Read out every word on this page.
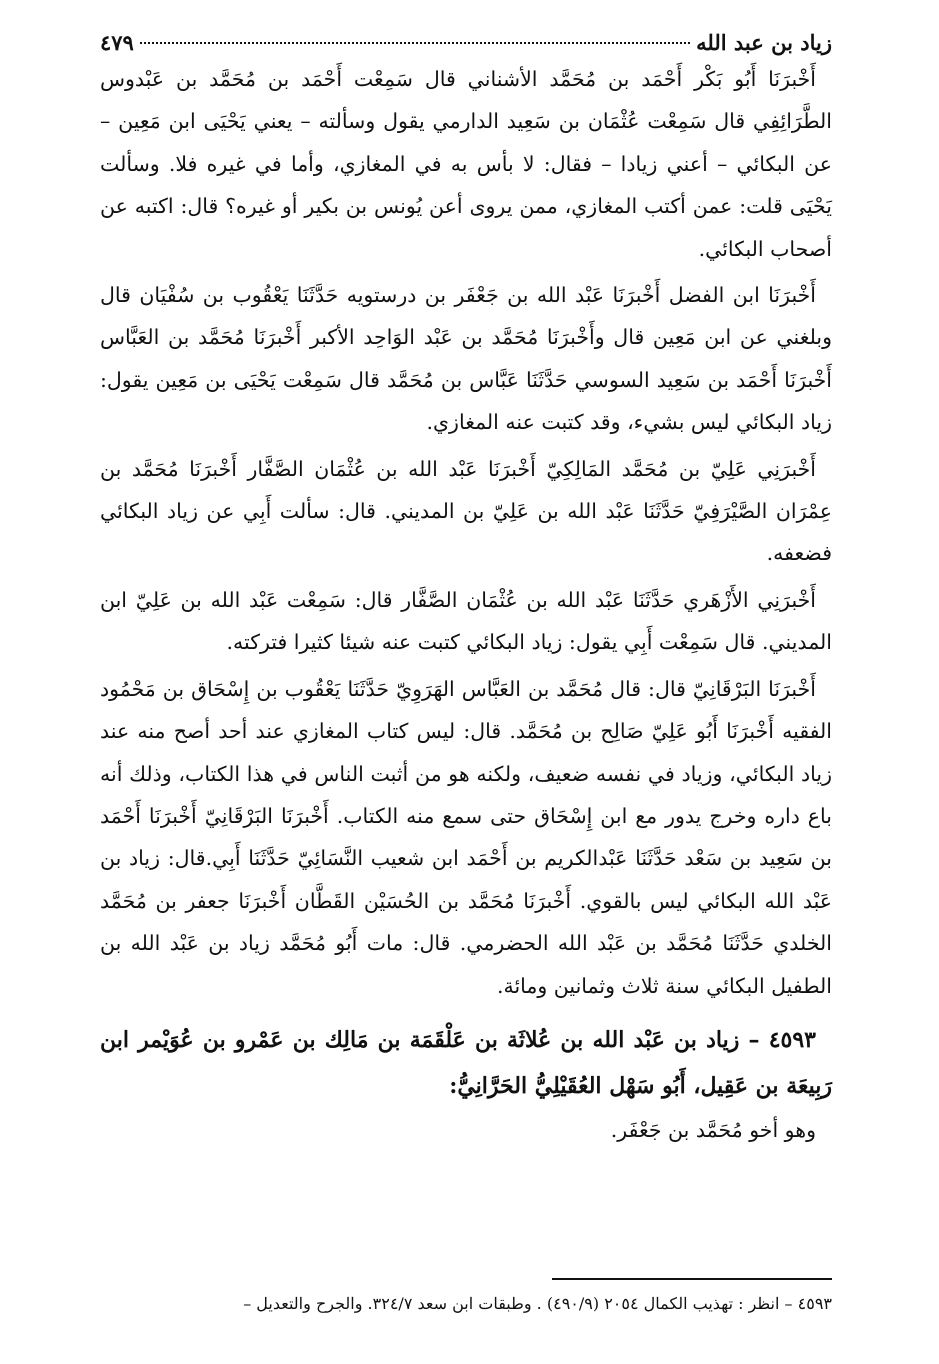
زياد بن عبد الله
٤٧٩

أَخْبرَنَا أَبُو بَكْر أَحْمَد بن مُحَمَّد الأشناني قال سَمِعْت أَحْمَد بن مُحَمَّد بن عَبْدوس الطَّرَائِفِي قال سَمِعْت عُثْمَان بن سَعِيد الدارمي يقول وسألته – يعني يَحْيَى ابن مَعِين – عن البكائي – أعني زيادا – فقال: لا بأس به في المغازي، وأما في غيره فلا. وسألت يَحْيَى قلت: عمن أكتب المغازي، ممن يروى أعن يُونس بن بكير أو غيره؟ قال: اكتبه عن أصحاب البكائي.

أَخْبرَنَا ابن الفضل أَخْبرَنَا عَبْد الله بن جَعْفَر بن درستويه حَدَّثَنَا يَعْقُوب بن سُفْيَان قال وبلغني عن ابن مَعِين قال وأَخْبرَنَا مُحَمَّد بن عَبْد الوَاحِد الأكبر أَخْبرَنَا مُحَمَّد بن العَبَّاس أَخْبرَنَا أَحْمَد بن سَعِيد السوسي حَدَّثَنَا عَبَّاس بن مُحَمَّد قال سَمِعْت يَحْيَى بن مَعِين يقول: زياد البكائي ليس بشيء، وقد كتبت عنه المغازي.

أَخْبرَنِي عَلِيّ بن مُحَمَّد المَالِكِيّ أَخْبرَنَا عَبْد الله بن عُثْمَان الصَّفَّار أَخْبرَنَا مُحَمَّد بن عِمْرَان الصَّيْرَفِيّ حَدَّثَنَا عَبْد الله بن عَلِيّ بن المديني. قال: سألت أَبِي عن زياد البكائي فضعفه.

أَخْبرَنِي الأَزْهَري حَدَّثَنَا عَبْد الله بن عُثْمَان الصَّفَّار قال: سَمِعْت عَبْد الله بن عَلِيّ ابن المديني. قال سَمِعْت أَبِي يقول: زياد البكائي كتبت عنه شيئا كثيرا فتركته.

أَخْبرَنَا البَرْقَانِيّ قال: قال مُحَمَّد بن العَبَّاس الهَرَوِيّ حَدَّثَنَا يَعْقُوب بن إِسْحَاق بن مَحْمُود الفقيه أَخْبرَنَا أَبُو عَلِيّ صَالِح بن مُحَمَّد. قال: ليس كتاب المغازي عند أحد أصح منه عند زياد البكائي، وزياد في نفسه ضعيف، ولكنه هو من أثبت الناس في هذا الكتاب، وذلك أنه باع داره وخرج يدور مع ابن إِسْحَاق حتى سمع منه الكتاب. أَخْبرَنَا البَرْقَانِيّ أَخْبرَنَا أَحْمَد بن سَعِيد بن سَعْد حَدَّثَنَا عَبْدالكريم بن أَحْمَد ابن شعيب النَّسَائِيّ حَدَّثَنَا أَبِي.قال: زياد بن عَبْد الله البكائي ليس بالقوي. أَخْبرَنَا مُحَمَّد بن الحُسَيْن القَطَّان أَخْبرَنَا جعفر بن مُحَمَّد الخلدي حَدَّثَنَا مُحَمَّد بن عَبْد الله الحضرمي. قال: مات أَبُو مُحَمَّد زياد بن عَبْد الله بن الطفيل البكائي سنة ثلاث وثمانين ومائة.

٤٥٩٣ – زياد بن عَبْد الله بن عُلاثَة بن عَلْقَمَة بن مَالِك بن عَمْرو بن عُوَيْمر ابن رَبِيعَة بن عَقِيل، أَبُو سَهْل العُقَيْلِيُّ الحَرَّانِيُّ:

وهو أخو مُحَمَّد بن جَعْفَر.

٤٥٩٣ – انظر : تهذيب الكمال ٢٠٥٤ (٤٩٠/٩) . وطبقات ابن سعد ٣٢٤/٧. والجرح والتعديل –
